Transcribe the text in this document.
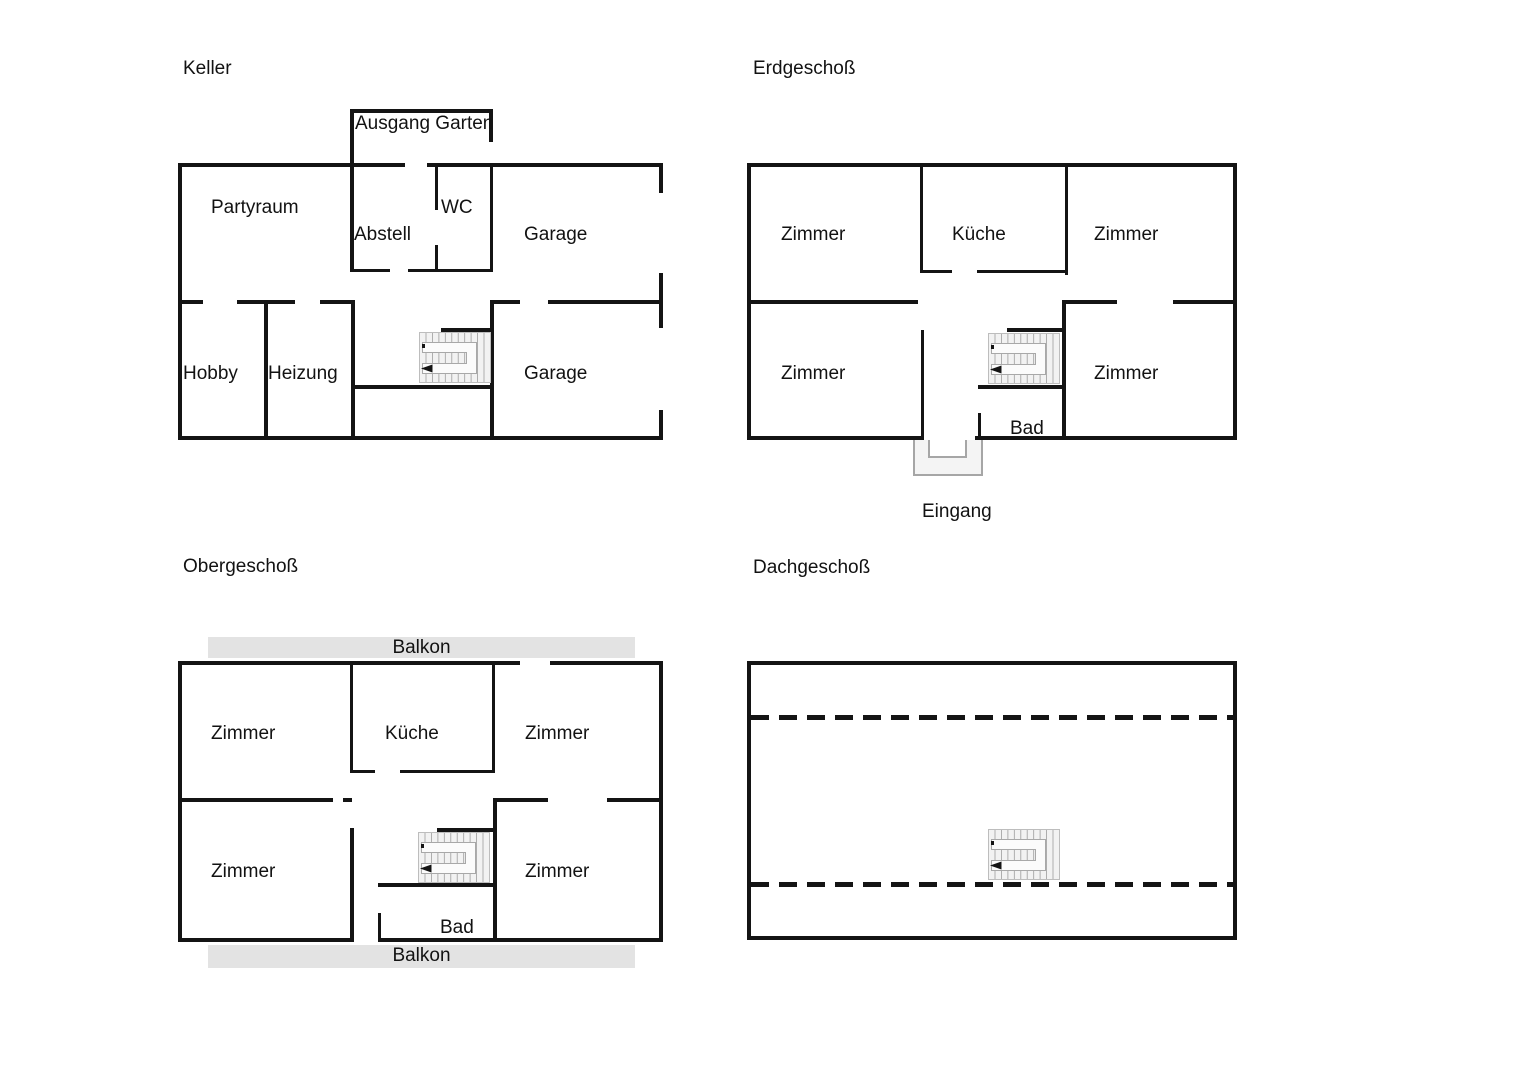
Keller	Erdgeschoß
Obergeschoß	Dachgeschoß
Ausgang Garten
Partyraum
Abstell
WC
Garage
Hobby Heizung	Garage
Zimmer	Küche	Zimmer
Zimmer	Zimmer
Bad
Eingang
Balkon
Balkon
Zimmer	Küche	Zimmer
Zimmer	Zimmer
Bad
